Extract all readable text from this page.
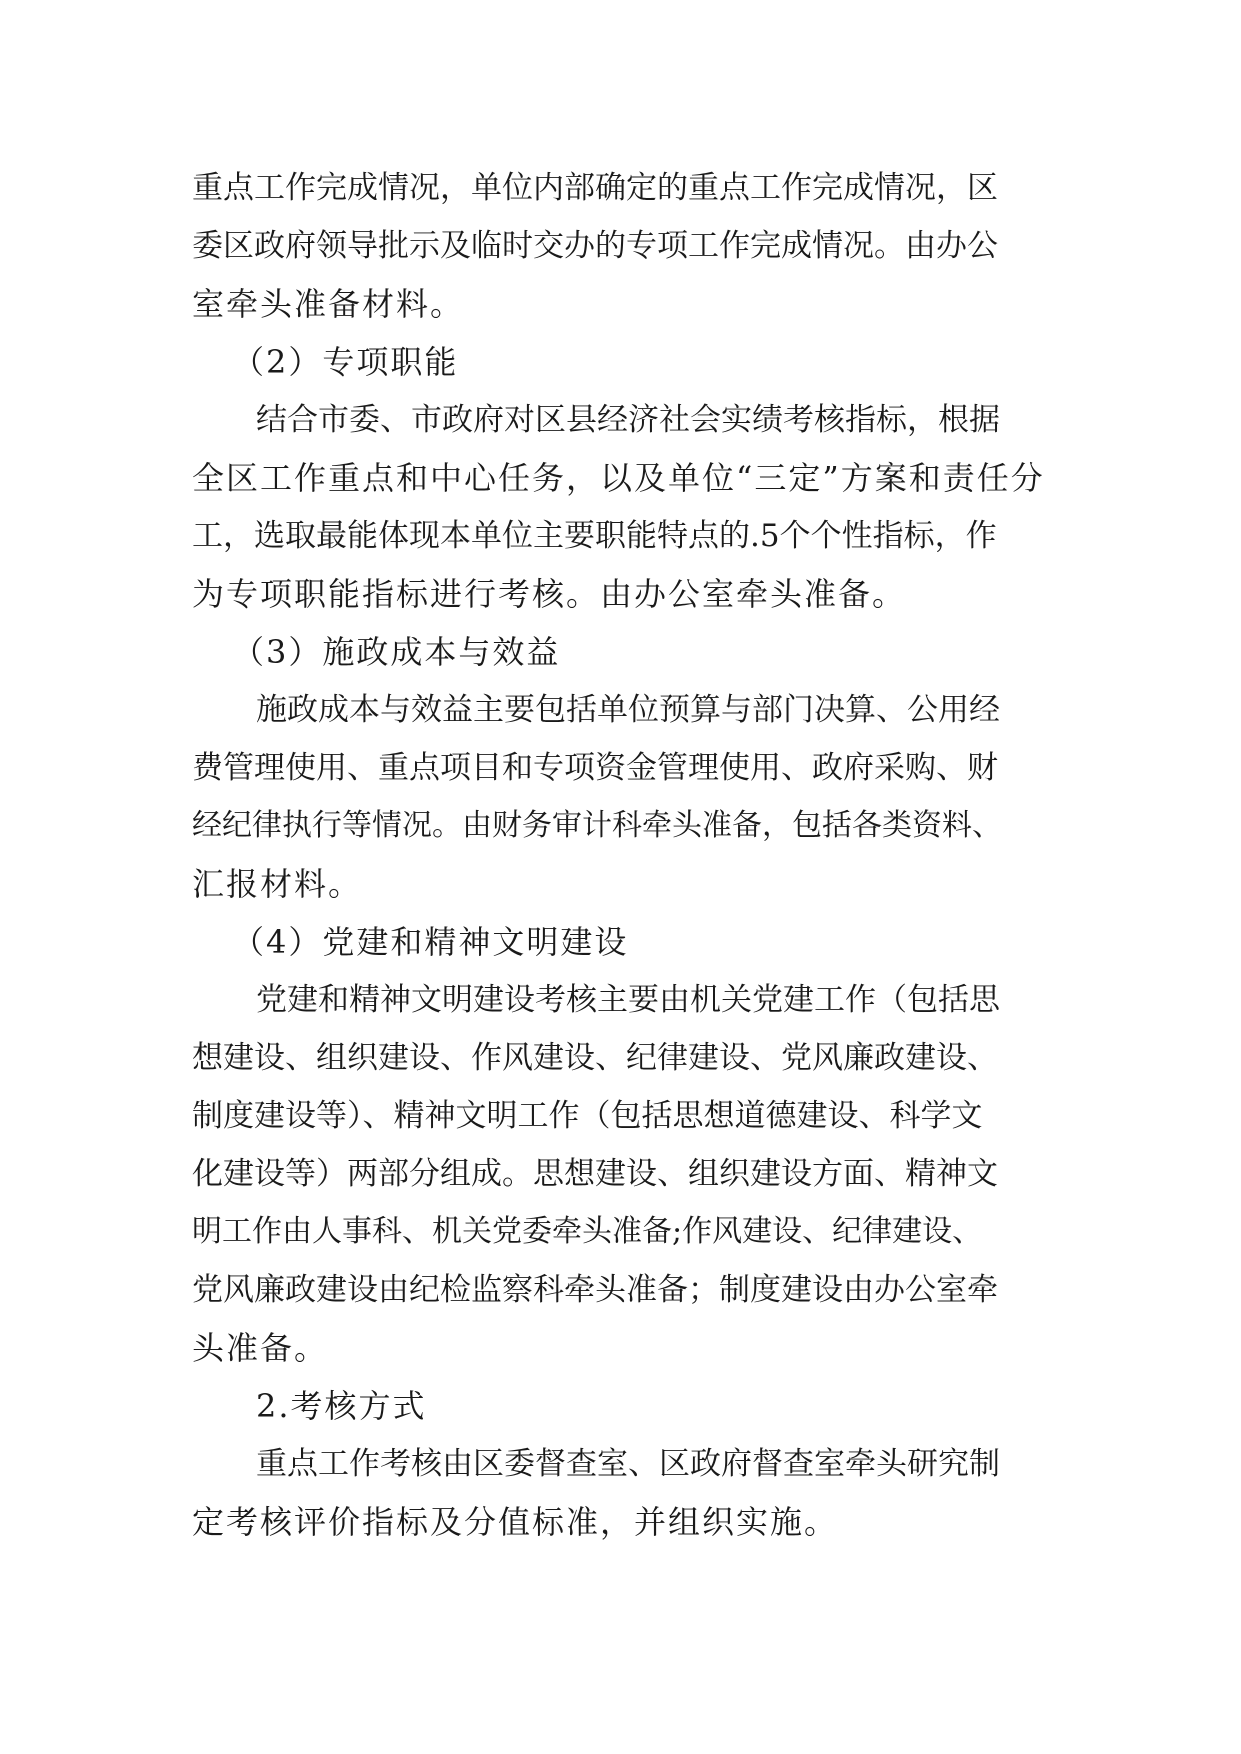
重点工作完成情况，单位内部确定的重点工作完成情况，区
委区政府领导批示及临时交办的专项工作完成情况。由办公
室牵头准备材料。
（2）专项职能
结合市委、市政府对区县经济社会实绩考核指标，根据
全区工作重点和中心任务，以及单位“三定”方案和责任分
工，选取最能体现本单位主要职能特点的.5个个性指标，作
为专项职能指标进行考核。由办公室牵头准备。
（3）施政成本与效益
施政成本与效益主要包括单位预算与部门决算、公用经
费管理使用、重点项目和专项资金管理使用、政府采购、财
经纪律执行等情况。由财务审计科牵头准备，包括各类资料、
汇报材料。
（4）党建和精神文明建设
党建和精神文明建设考核主要由机关党建工作（包括思
想建设、组织建设、作风建设、纪律建设、党风廉政建设、
制度建设等）、精神文明工作（包括思想道德建设、科学文
化建设等）两部分组成。思想建设、组织建设方面、精神文
明工作由人事科、机关党委牵头准备;作风建设、纪律建设、
党风廉政建设由纪检监察科牵头准备；制度建设由办公室牵
头准备。
2.考核方式
重点工作考核由区委督查室、区政府督查室牵头研究制
定考核评价指标及分值标准，并组织实施。
